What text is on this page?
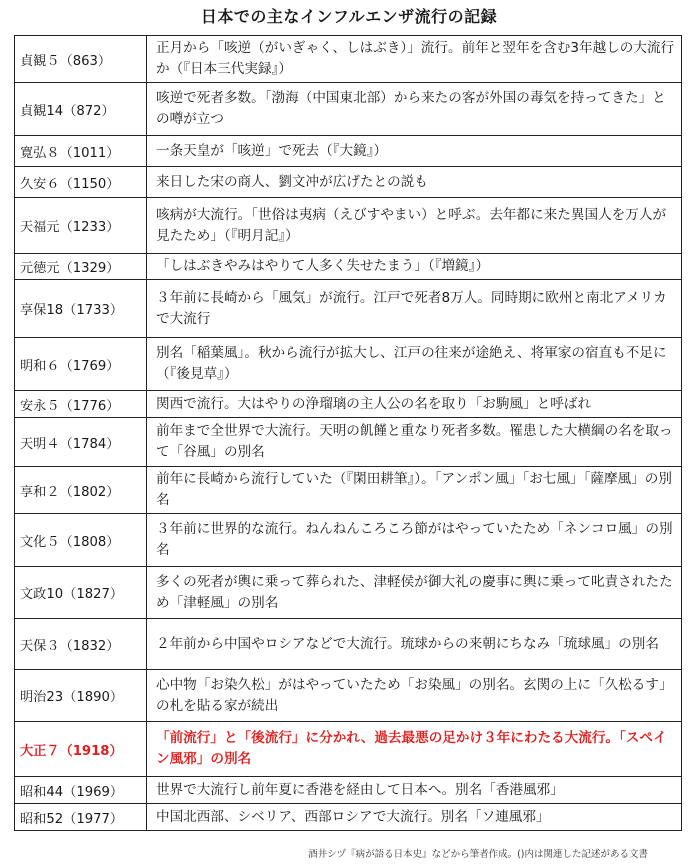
日本での主なインフルエンザ流行の記録
貞観５（863）	正月から「咳逆（がいぎゃく、しはぶき）」流行。前年と翌年を含む3年越しの大流行か（『日本三代実録』）
貞観14（872）	咳逆で死者多数。「渤海（中国東北部）から来たの客が外国の毒気を持ってきた」との噂が立つ
寛弘８（1011）	一条天皇が「咳逆」で死去（『大鏡』）
久安６（1150）	来日した宋の商人、劉文冲が広げたとの説も
天福元（1233）	咳病が大流行。「世俗は夷病（えびすやまい）と呼ぶ。去年都に来た異国人を万人が見たため」（『明月記』）
元徳元（1329）	「しはぶきやみはやりて人多く失せたまう」（『増鏡』）
享保18（1733）	３年前に長崎から「風気」が流行。江戸で死者8万人。同時期に欧州と南北アメリカで大流行
明和６（1769）	別名「稲葉風」。秋から流行が拡大し、江戸の往来が途絶え、将軍家の宿直も不足に（『後見草』）
安永５（1776）	関西で流行。大はやりの浄瑠璃の主人公の名を取り「お駒風」と呼ばれ
天明４（1784）	前年まで全世界で大流行。天明の飢饉と重なり死者多数。罹患した大横綱の名を取って「谷風」の別名
享和２（1802）	前年に長崎から流行していた（『閑田耕筆』）。「アンポン風」「お七風」「薩摩風」の別名
文化５（1808）	３年前に世界的な流行。ねんねんころころ節がはやっていたため「ネンコロ風」の別名
文政10（1827）	多くの死者が輿に乗って葬られた、津軽侯が御大礼の慶事に輿に乗って叱責されたため「津軽風」の別名
天保３（1832）	２年前から中国やロシアなどで大流行。琉球からの来朝にちなみ「琉球風」の別名
明治23（1890）	心中物「お染久松」がはやっていたため「お染風」の別名。玄関の上に「久松るす」の札を貼る家が続出
大正７（1918）	「前流行」と「後流行」に分かれ、過去最悪の足かけ３年にわたる大流行。「スペイン風邪」の別名
昭和44（1969）	世界で大流行し前年夏に香港を経由して日本へ。別名「香港風邪」
昭和52（1977）	中国北西部、シベリア、西部ロシアで大流行。別名「ソ連風邪」
酒井シヅ『病が語る日本史』などから筆者作成。()内は関連した記述がある文書
